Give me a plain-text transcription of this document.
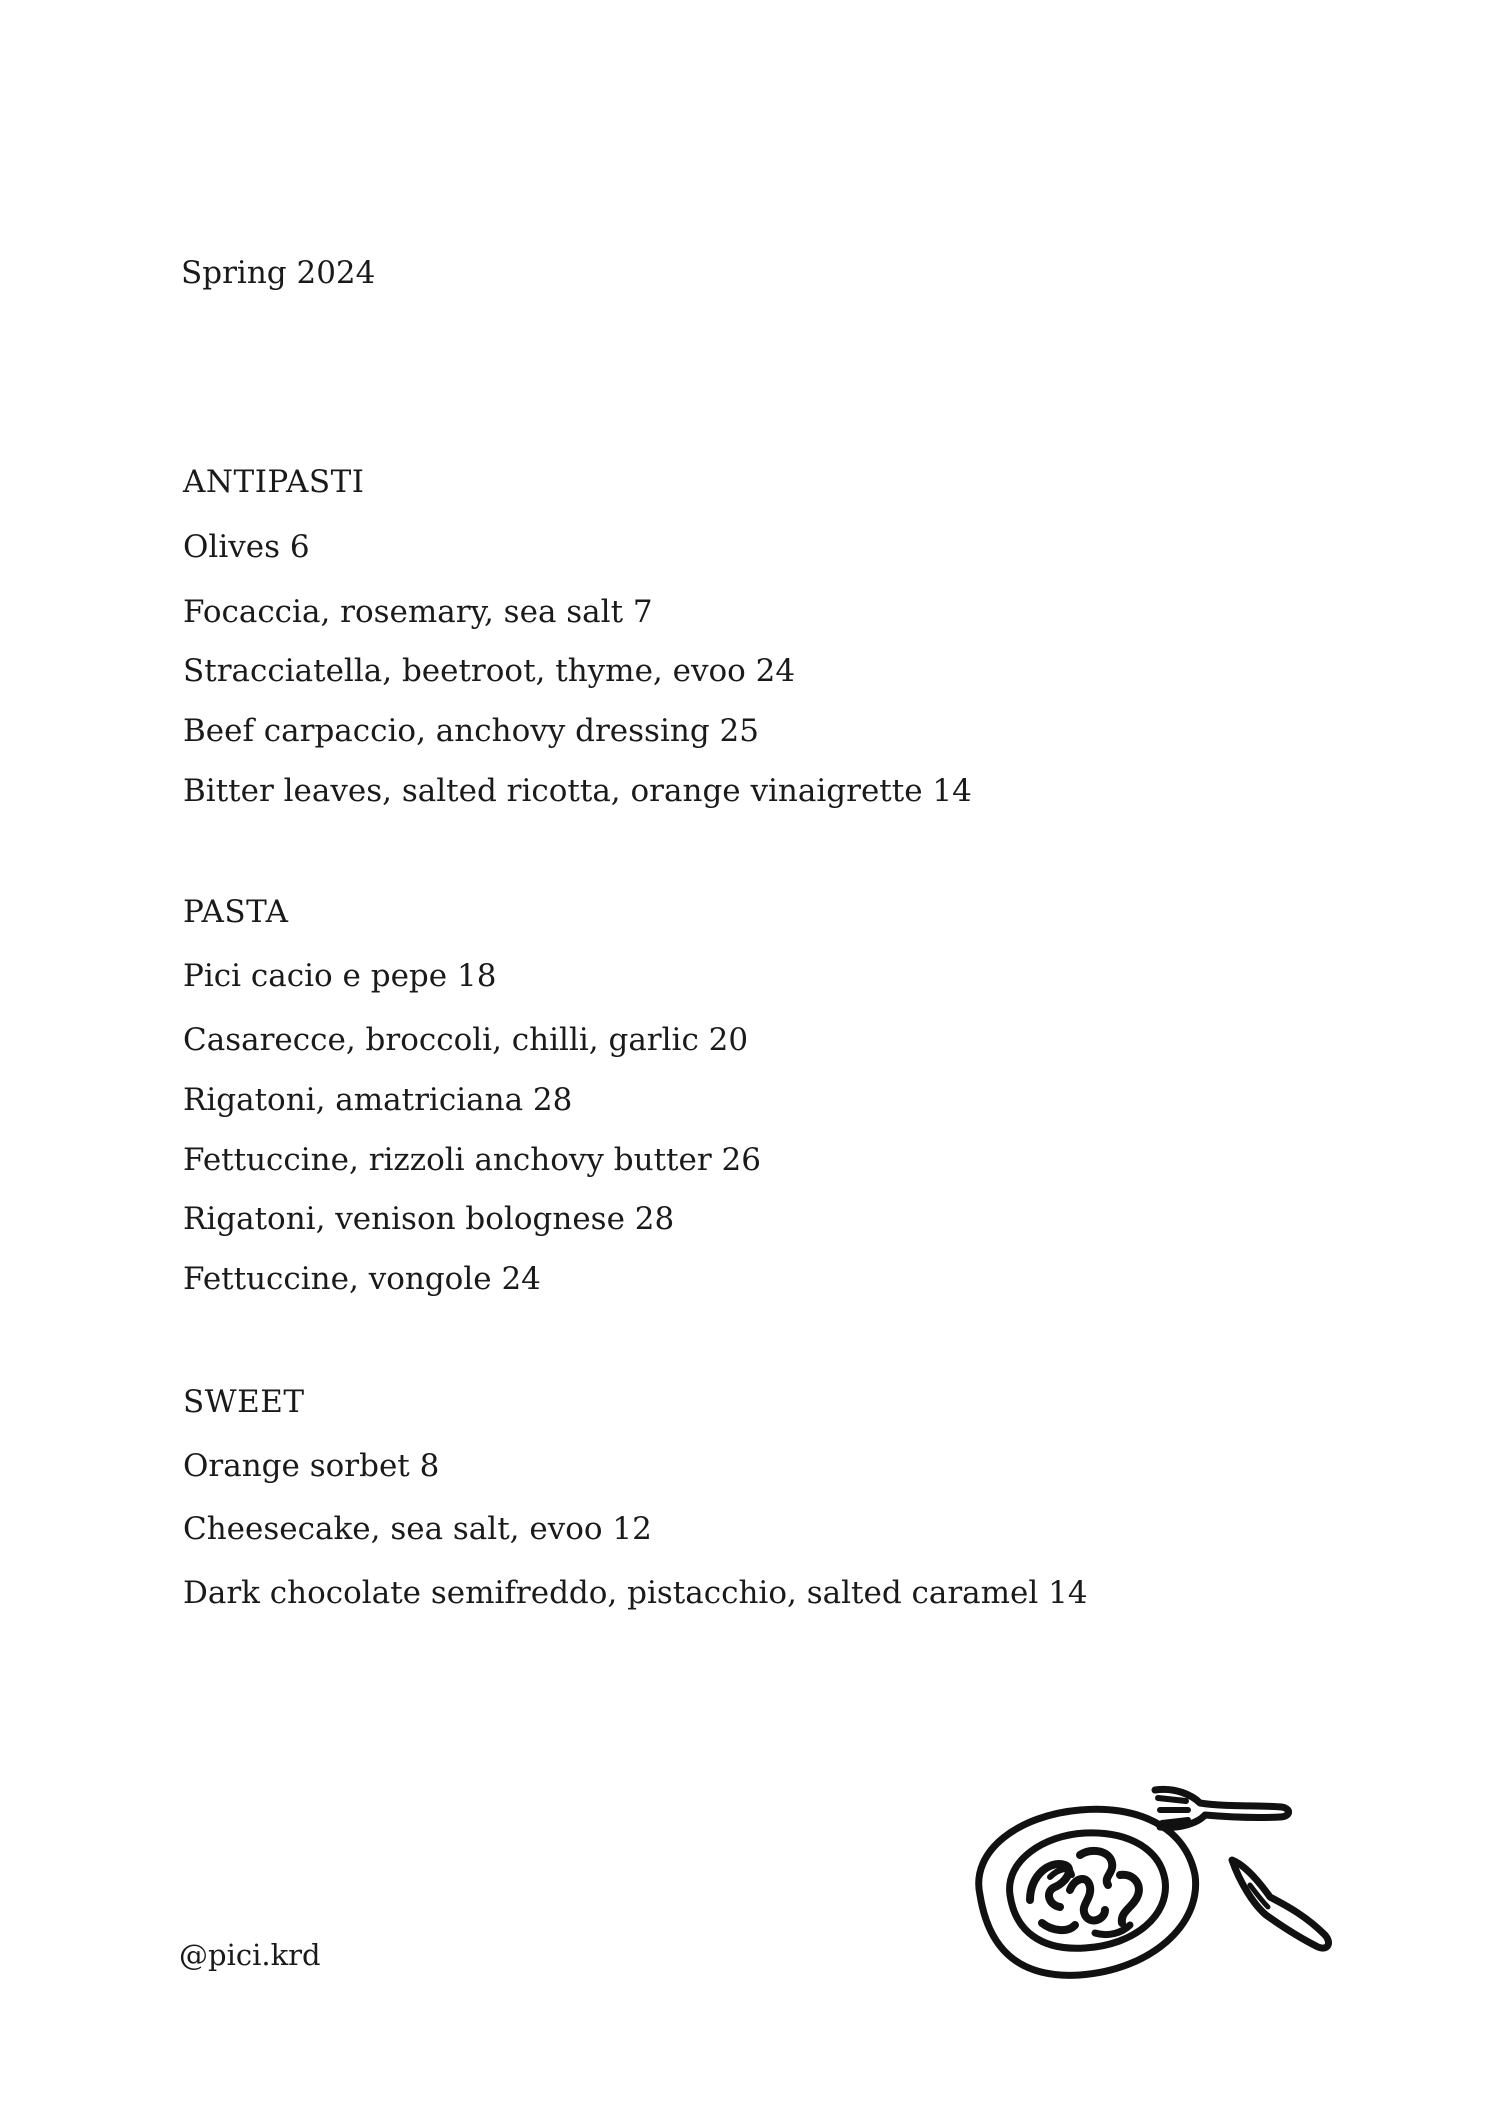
Spring 2024
ANTIPASTI
Olives 6
Focaccia, rosemary, sea salt 7
Stracciatella, beetroot, thyme, evoo 24
Beef carpaccio, anchovy dressing 25
Bitter leaves, salted ricotta, orange vinaigrette 14
PASTA
Pici cacio e pepe 18
Casarecce, broccoli, chilli, garlic 20
Rigatoni, amatriciana 28
Fettuccine, rizzoli anchovy butter 26
Rigatoni, venison bolognese 28
Fettuccine, vongole 24
SWEET
Orange sorbet 8
Cheesecake, sea salt, evoo 12
Dark chocolate semifreddo, pistacchio, salted caramel 14
@pici.krd
